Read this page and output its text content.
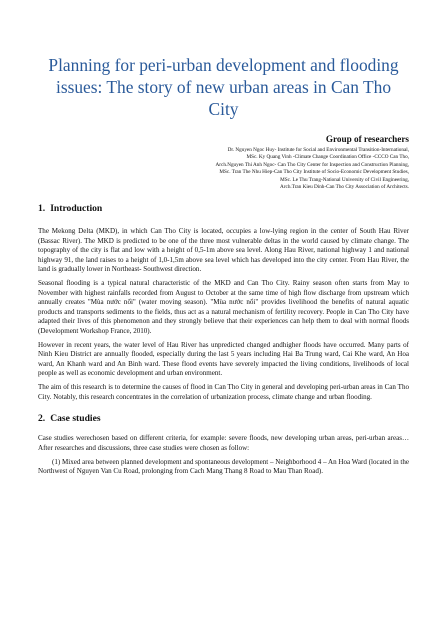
Planning for peri-urban development and flooding issues: The story of new urban areas in Can Tho City
Group of researchers
Dr. Nguyen Ngoc Huy- Institute for Social and Environmental Transition-International,
MSc. Ky Quang Vinh -Climate Change Coordination Office -CCCO Can Tho,
Arch.Nguyen Thi Anh Ngoc- Can Tho City Center for Inspection and Construction Planning,
MSc. Tran The Nhu Hiep-Can Tho City Institute of Socio-Economic Development Studies,
MSc. Le Thu Trang-National University of Civil Engineering,
Arch.Tran Kieu Dinh-Can Tho City Association of Architects.
1. Introduction

The Mekong Delta (MKD), in which Can Tho City is located, occupies a low-lying region in the center of South Hau River (Bassac River). The MKD is predicted to be one of the three most vulnerable deltas in the world caused by climate change. The topography of the city is flat and low with a height of 0,5-1m above sea level. Along Hau River, national highway 1 and national highway 91, the land raises to a height of 1,0-1,5m above sea level which has developed into the city center. From Hau River, the land is gradually lower in Northeast- Southwest direction.

Seasonal flooding is a typical natural characteristic of the MKD and Can Tho City. Rainy season often starts from May to November with highest rainfalls recorded from August to October at the same time of high flow discharge from upstream which annually creates "Mùa nước nổi" (water moving season). "Mùa nước nổi" provides livelihood the benefits of natural aquatic products and transports sediments to the fields, thus act as a natural mechanism of fertility recovery. People in Can Tho City have adapted their lives of this phenomenon and they strongly believe that their experiences can help them to deal with normal floods (Development Workshop France, 2010).

However in recent years, the water level of Hau River has unpredicted changed andhigher floods have occurred. Many parts of Ninh Kieu District are annually flooded, especially during the last 5 years including Hai Ba Trung ward, Cai Khe ward, An Hoa ward, An Khanh ward and An Binh ward. These flood events have severely impacted the living conditions, livelihoods of local people as well as economic development and urban environment.

The aim of this research is to determine the causes of flood in Can Tho City in general and developing peri-urban areas in Can Tho City. Notably, this research concentrates in the correlation of urbanization process, climate change and urban flooding.

2. Case studies

Case studies werechosen based on different criteria, for example: severe floods, new developing urban areas, peri-urban areas… After researches and discussions, three case studies were chosen as follow:

(1) Mixed area between planned development and spontaneous development – Neighborhood 4 – An Hoa Ward (located in the Northwest of Nguyen Van Cu Road, prolonging from Cach Mang Thang 8 Road to Mau Than Road).
